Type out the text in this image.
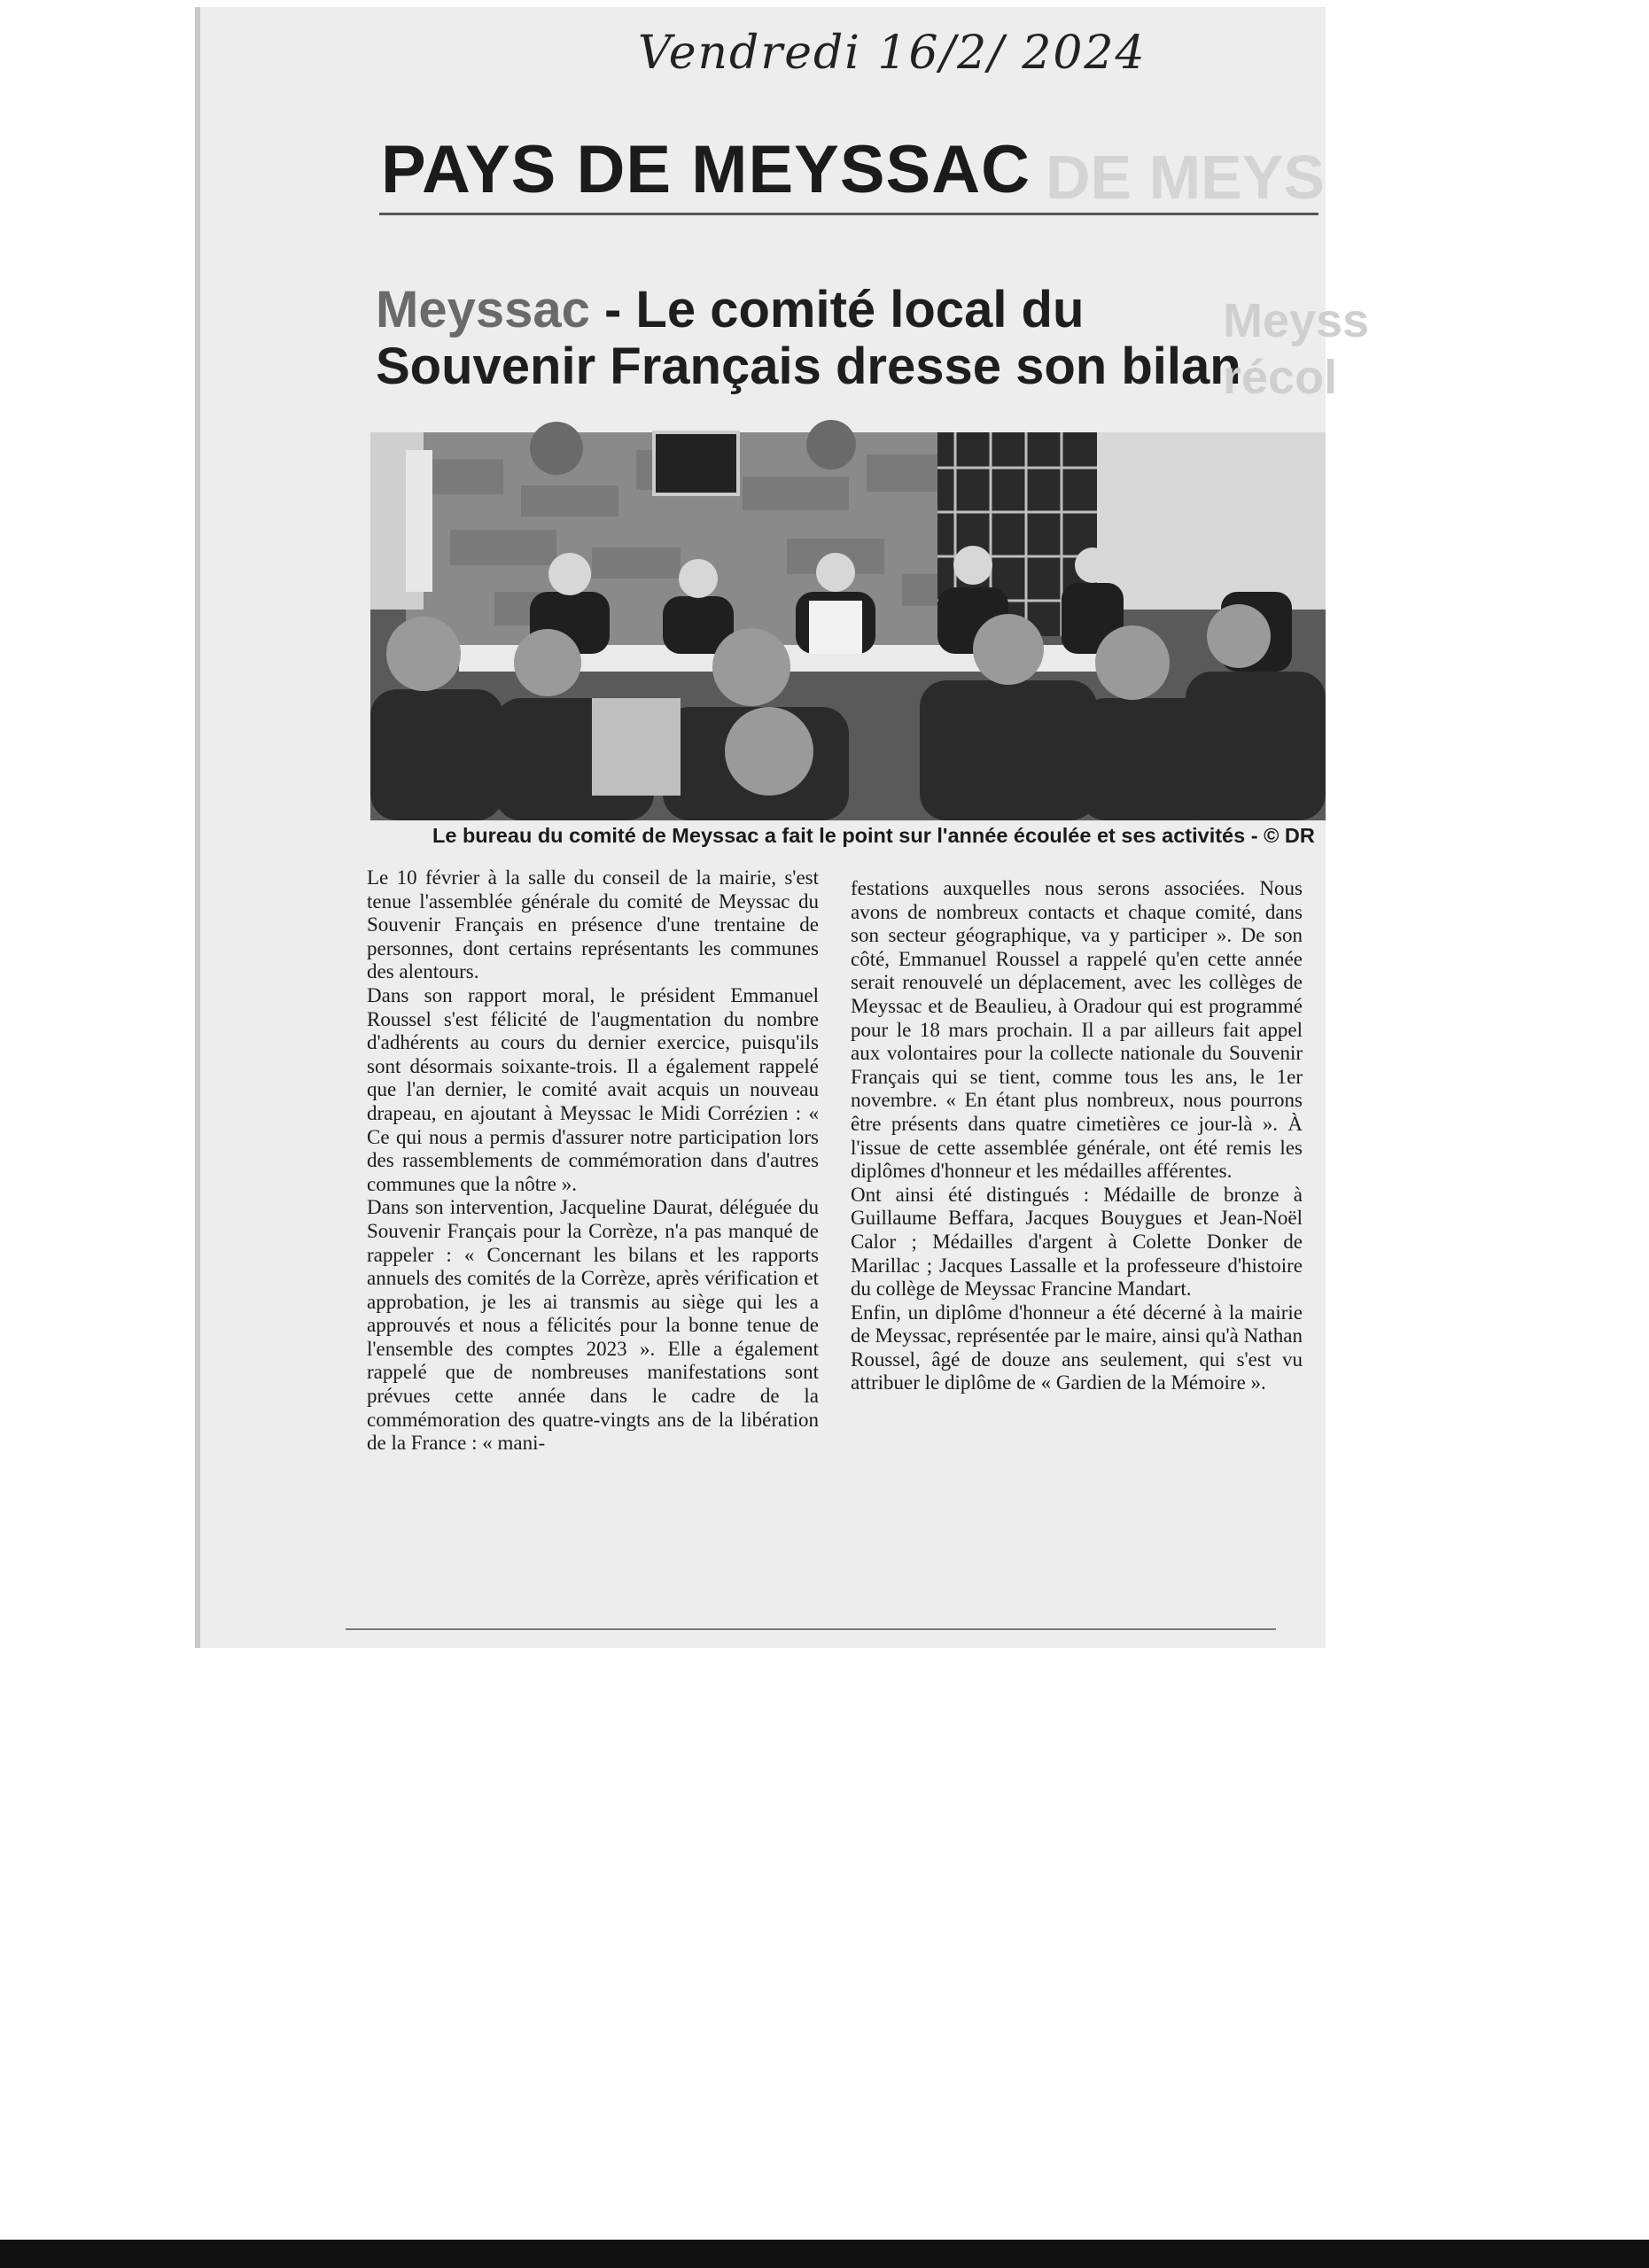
Vendredi 16/2/ 2024
PAYS DE MEYSSAC DE MEYS
Meyssac - Le comité local du
Souvenir Français dresse son bilan
Meyss récol
Le bureau du comité de Meyssac a fait le point sur l'année écoulée et ses activités - © DR

Le 10 février à la salle du conseil de la mairie, s'est tenue l'assemblée générale du comité de Meyssac du Souvenir Français en présence d'une trentaine de personnes, dont certains représentants les communes des alentours.

Dans son rapport moral, le président Emmanuel Roussel s'est félicité de l'augmentation du nombre d'adhérents au cours du dernier exercice, puisqu'ils sont désormais soixante-trois. Il a également rappelé que l'an dernier, le comité avait acquis un nouveau drapeau, en ajoutant à Meyssac le Midi Corrézien : « Ce qui nous a permis d'assurer notre participation lors des rassemblements de commémoration dans d'autres communes que la nôtre ».

Dans son intervention, Jacqueline Daurat, déléguée du Souvenir Français pour la Corrèze, n'a pas manqué de rappeler : « Concernant les bilans et les rapports annuels des comités de la Corrèze, après vérification et approbation, je les ai transmis au siège qui les a approuvés et nous a félicités pour la bonne tenue de l'ensemble des comptes 2023 ». Elle a également rappelé que de nombreuses manifestations sont prévues cette année dans le cadre de la commémoration des quatre-vingts ans de la libération de la France : « mani-

festations auxquelles nous serons associées. Nous avons de nombreux contacts et chaque comité, dans son secteur géographique, va y participer ». De son côté, Emmanuel Roussel a rappelé qu'en cette année serait renouvelé un déplacement, avec les collèges de Meyssac et de Beaulieu, à Oradour qui est programmé pour le 18 mars prochain. Il a par ailleurs fait appel aux volontaires pour la collecte nationale du Souvenir Français qui se tient, comme tous les ans, le 1er novembre. « En étant plus nombreux, nous pourrons être présents dans quatre cimetières ce jour-là ». À l'issue de cette assemblée générale, ont été remis les diplômes d'honneur et les médailles afférentes.

Ont ainsi été distingués : Médaille de bronze à Guillaume Beffara, Jacques Bouygues et Jean-Noël Calor ; Médailles d'argent à Colette Donker de Marillac ; Jacques Lassalle et la professeure d'histoire du collège de Meyssac Francine Mandart.

Enfin, un diplôme d'honneur a été décerné à la mairie de Meyssac, représentée par le maire, ainsi qu'à Nathan Roussel, âgé de douze ans seulement, qui s'est vu attribuer le diplôme de « Gardien de la Mémoire ».
